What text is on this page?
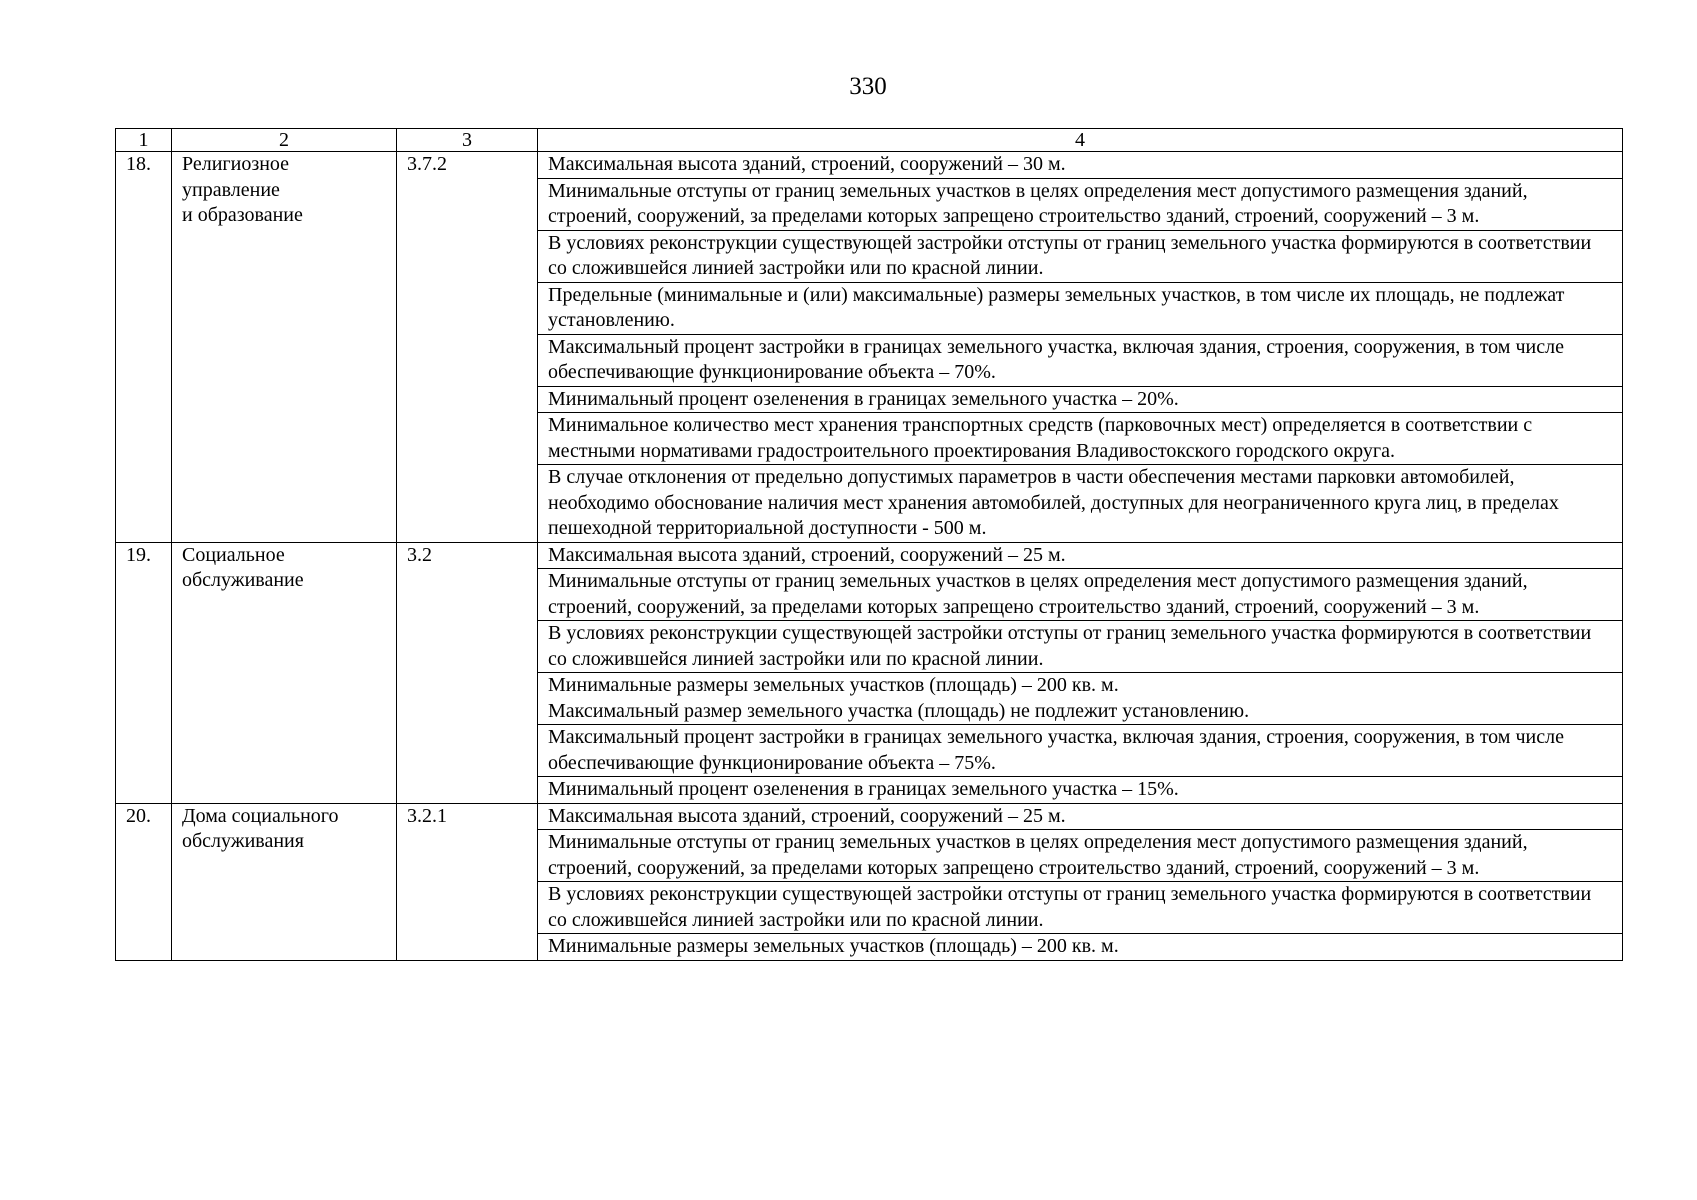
330
1	2	3	4
18.	Религиозное
управление
и образование	3.7.2	Максимальная высота зданий, строений, сооружений – 30 м.

			Минимальные отступы от границ земельных участков в целях определения мест допустимого размещения зданий, строений, сооружений, за пределами которых запрещено строительство зданий, строений, сооружений – 3 м.

			В условиях реконструкции существующей застройки отступы от границ земельного участка формируются в соответствии со сложившейся линией застройки или по красной линии.

			Предельные (минимальные и (или) максимальные) размеры земельных участков, в том числе их площадь, не подлежат установлению.

			Максимальный процент застройки в границах земельного участка, включая здания, строения, сооружения, в том числе обеспечивающие функционирование объекта – 70%.

			Минимальный процент озеленения в границах земельного участка – 20%.

			Минимальное количество мест хранения транспортных средств (парковочных мест) определяется в соответствии с местными нормативами градостроительного проектирования Владивостокского городского округа.

			В случае отклонения от предельно допустимых параметров в части обеспечения местами парковки автомобилей, необходимо обоснование наличия мест хранения автомобилей, доступных для неограниченного круга лиц, в пределах пешеходной территориальной доступности - 500 м.

19.	Социальное
обслуживание	3.2	Максимальная высота зданий, строений, сооружений – 25 м.

			Минимальные отступы от границ земельных участков в целях определения мест допустимого размещения зданий, строений, сооружений, за пределами которых запрещено строительство зданий, строений, сооружений – 3 м.

			В условиях реконструкции существующей застройки отступы от границ земельного участка формируются в соответствии со сложившейся линией застройки или по красной линии.

			Минимальные размеры земельных участков (площадь) – 200 кв. м.
Максимальный размер земельного участка (площадь) не подлежит установлению.

			Максимальный процент застройки в границах земельного участка, включая здания, строения, сооружения, в том числе обеспечивающие функционирование объекта – 75%.

			Минимальный процент озеленения в границах земельного участка – 15%.

20.	Дома социального
обслуживания	3.2.1	Максимальная высота зданий, строений, сооружений – 25 м.

			Минимальные отступы от границ земельных участков в целях определения мест допустимого размещения зданий, строений, сооружений, за пределами которых запрещено строительство зданий, строений, сооружений – 3 м.

			В условиях реконструкции существующей застройки отступы от границ земельного участка формируются в соответствии со сложившейся линией застройки или по красной линии.

			Минимальные размеры земельных участков (площадь) – 200 кв. м.
